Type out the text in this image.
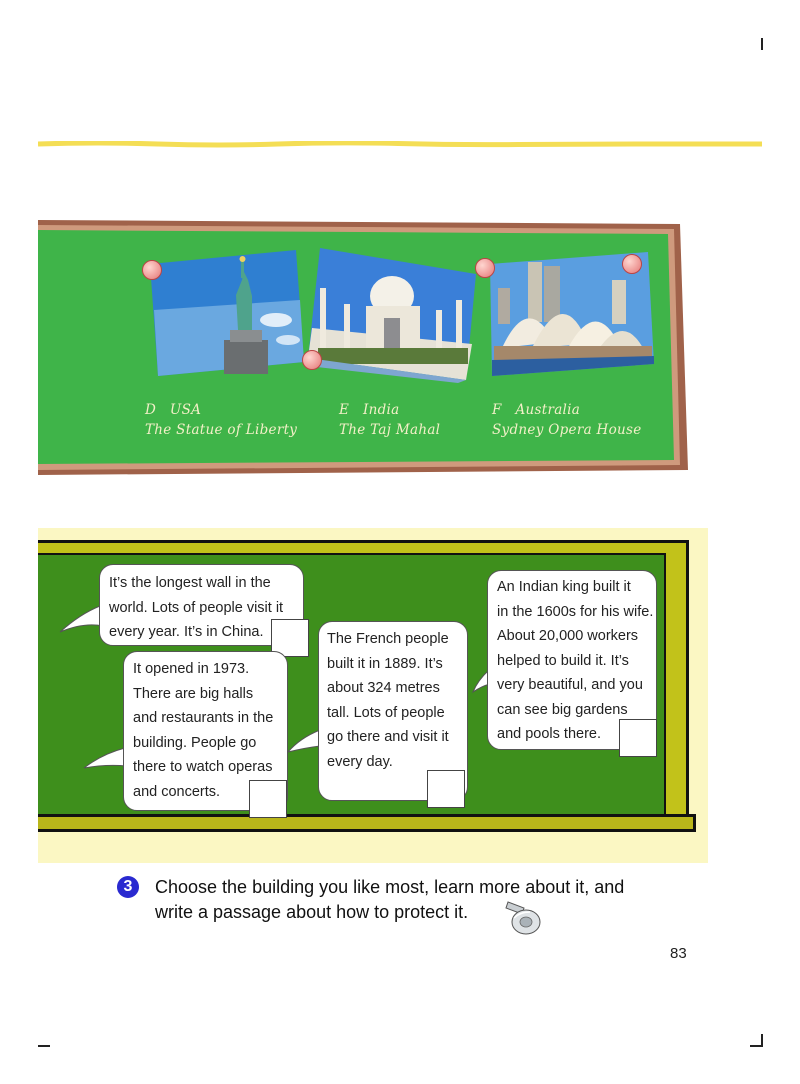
D USA
The Statue of Liberty
E India
The Taj Mahal
F Australia
Sydney Opera House
It’s the longest wall in the
world. Lots of people visit it
every year. It’s in China.
It opened in 1973.
There are big halls
and restaurants in the
building. People go
there to watch operas
and concerts.
The French people
built it in 1889. It’s
about 324 metres
tall. Lots of people
go there and visit it
every day.
An Indian king built it
in the 1600s for his wife.
About 20,000 workers
helped to build it. It’s
very beautiful, and you
can see big gardens
and pools there.
3	Choose the building you like most, learn more about it, and
write a passage about how to protect it.
83
